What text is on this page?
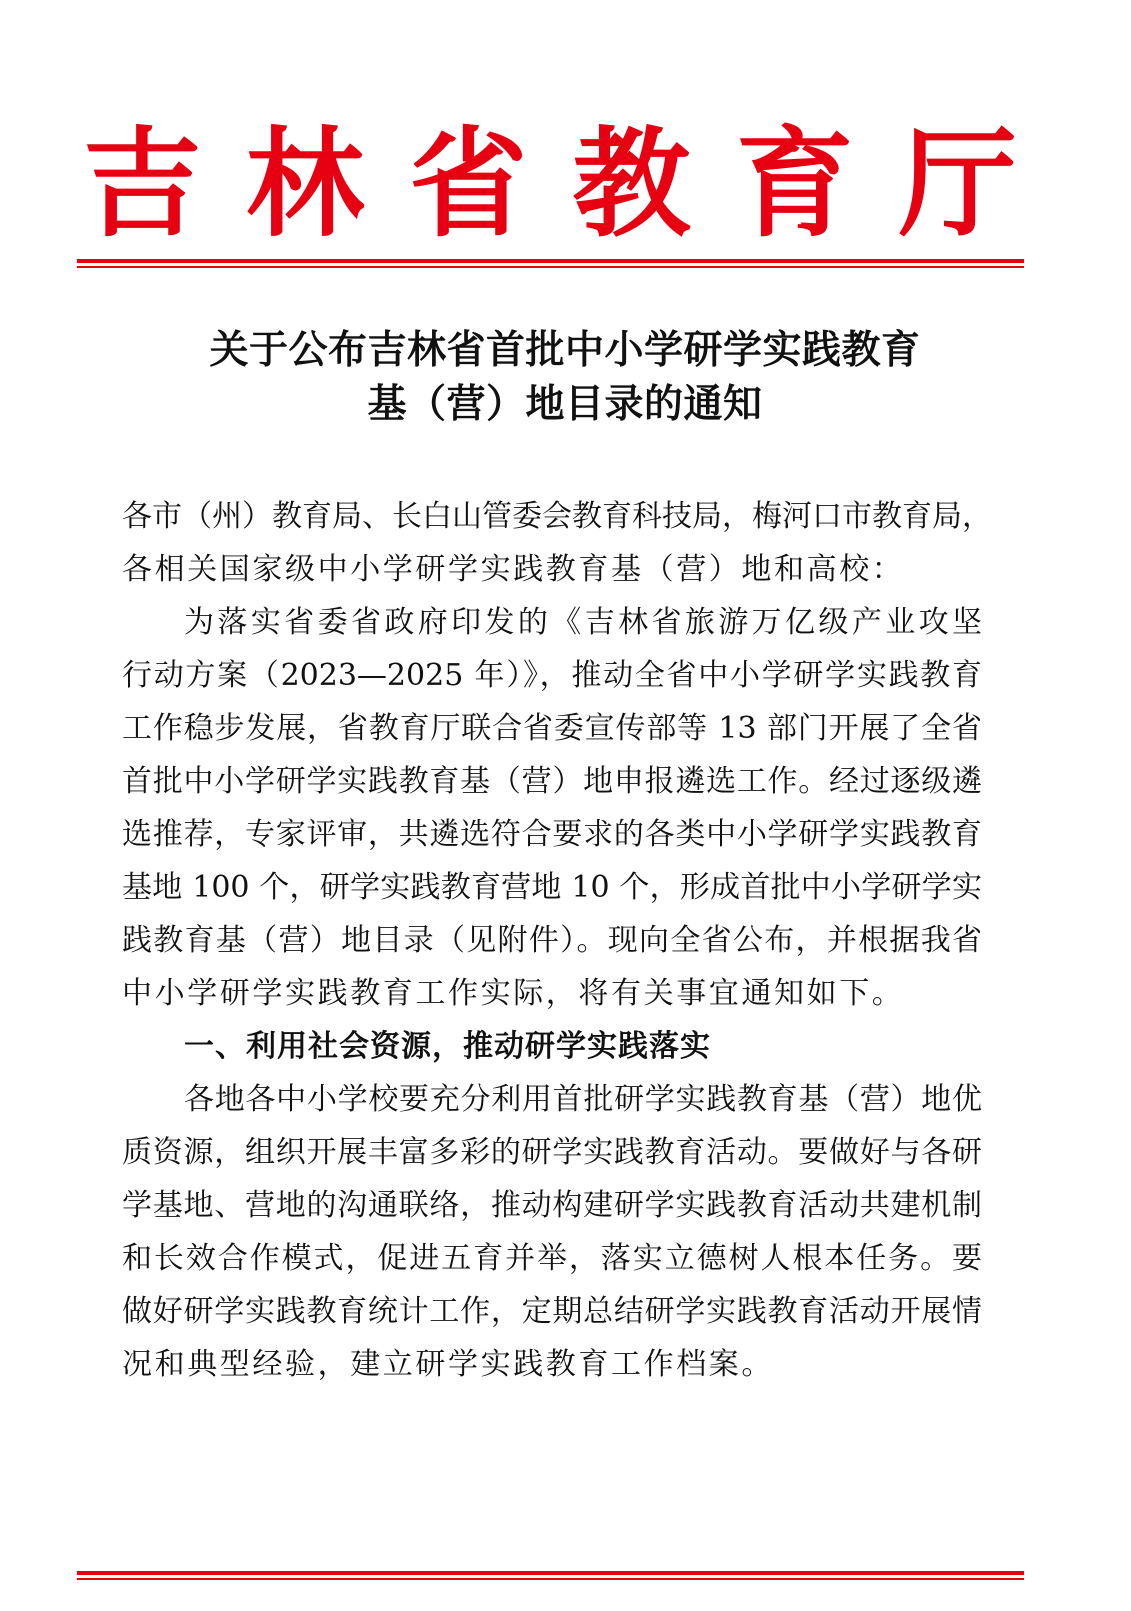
吉 林 省 教 育 厅
关于公布吉林省首批中小学研学实践教育
基（营）地目录的通知
各市（州）教育局、长白山管委会教育科技局，梅河口市教育局，
各相关国家级中小学研学实践教育基（营）地和高校：
为落实省委省政府印发的《吉林省旅游万亿级产业攻坚
行动方案（2023—2025 年）》，推动全省中小学研学实践教育
工作稳步发展，省教育厅联合省委宣传部等 13 部门开展了全省
首批中小学研学实践教育基（营）地申报遴选工作。经过逐级遴
选推荐，专家评审，共遴选符合要求的各类中小学研学实践教育
基地 100 个，研学实践教育营地 10 个，形成首批中小学研学实
践教育基（营）地目录（见附件）。现向全省公布，并根据我省
中小学研学实践教育工作实际，将有关事宜通知如下。
一、利用社会资源，推动研学实践落实
各地各中小学校要充分利用首批研学实践教育基（营）地优
质资源，组织开展丰富多彩的研学实践教育活动。要做好与各研
学基地、营地的沟通联络，推动构建研学实践教育活动共建机制
和长效合作模式，促进五育并举，落实立德树人根本任务。要
做好研学实践教育统计工作，定期总结研学实践教育活动开展情
况和典型经验，建立研学实践教育工作档案。
